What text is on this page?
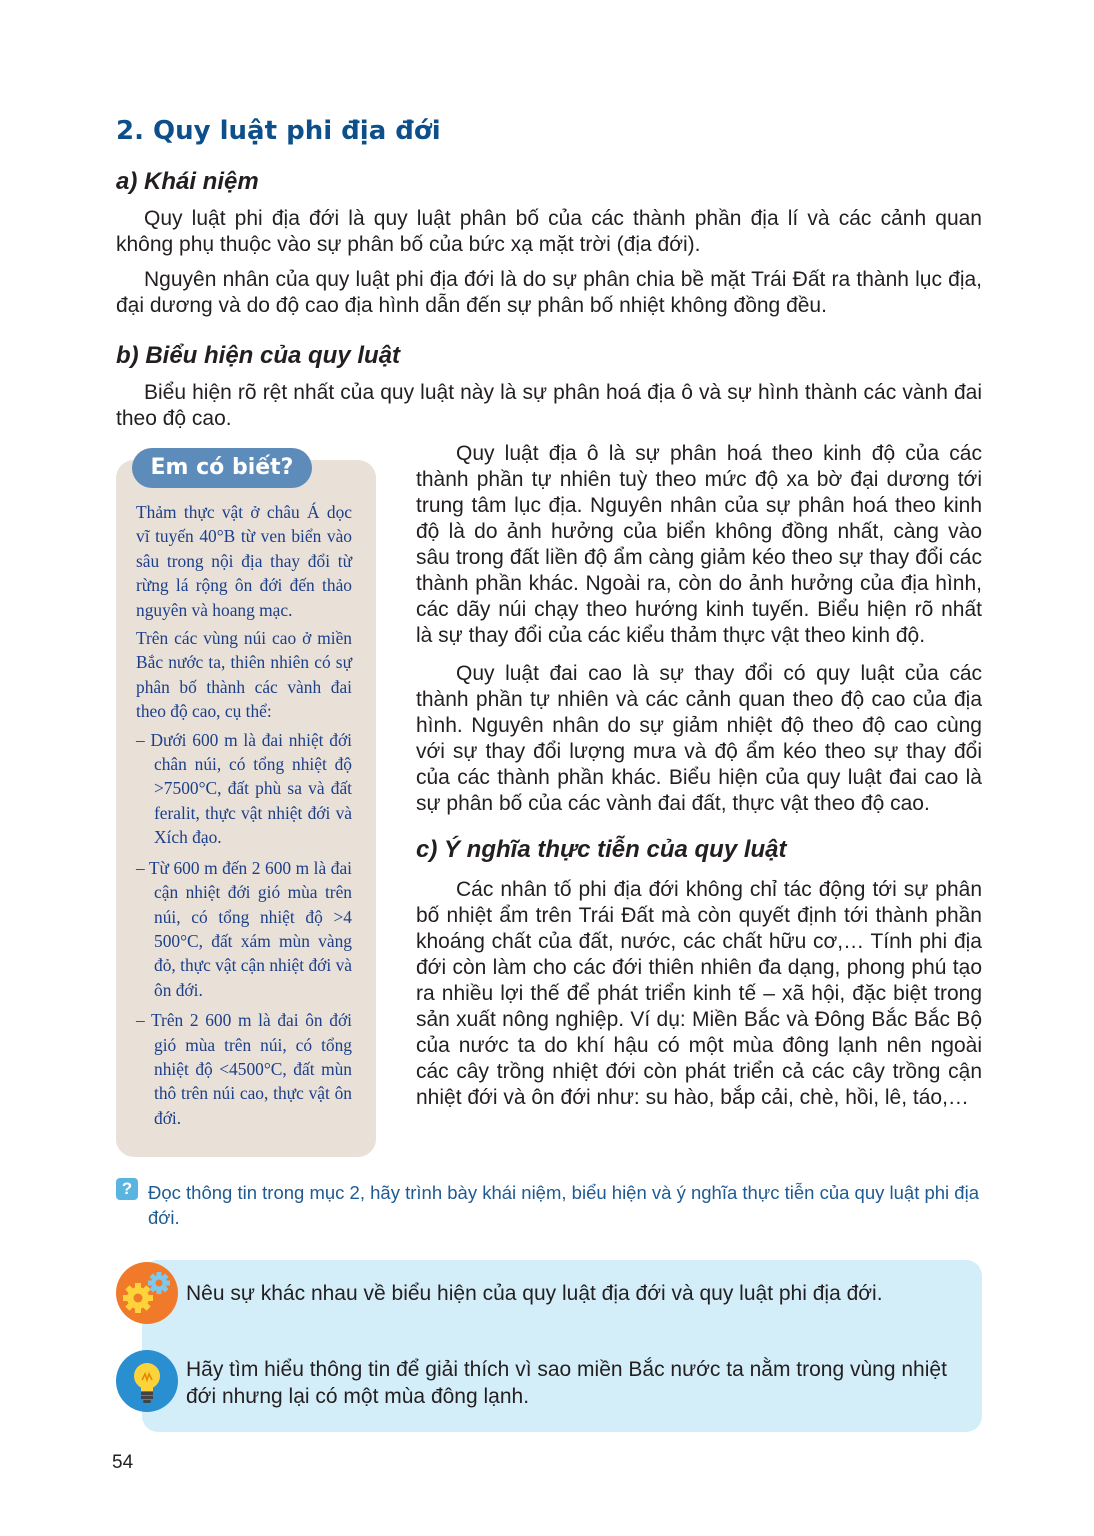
2. Quy luật phi địa đới
a) Khái niệm

Quy luật phi địa đới là quy luật phân bố của các thành phần địa lí và các cảnh quan không phụ thuộc vào sự phân bố của bức xạ mặt trời (địa đới).

Nguyên nhân của quy luật phi địa đới là do sự phân chia bề mặt Trái Đất ra thành lục địa, đại dương và do độ cao địa hình dẫn đến sự phân bố nhiệt không đồng đều.

b) Biểu hiện của quy luật

Biểu hiện rõ rệt nhất của quy luật này là sự phân hoá địa ô và sự hình thành các vành đai theo độ cao.

Em có biết?

Thảm thực vật ở châu Á dọc vĩ tuyến 40°B từ ven biển vào sâu trong nội địa thay đổi từ rừng lá rộng ôn đới đến thảo nguyên và hoang mạc.

Trên các vùng núi cao ở miền Bắc nước ta, thiên nhiên có sự phân bố thành các vành đai theo độ cao, cụ thể:

– Dưới 600 m là đai nhiệt đới chân núi, có tổng nhiệt độ >7500°C, đất phù sa và đất feralit, thực vật nhiệt đới và Xích đạo.

– Từ 600 m đến 2 600 m là đai cận nhiệt đới gió mùa trên núi, có tổng nhiệt độ >4 500°C, đất xám mùn vàng đỏ, thực vật cận nhiệt đới và ôn đới.

– Trên 2 600 m là đai ôn đới gió mùa trên núi, có tổng nhiệt độ <4500°C, đất mùn thô trên núi cao, thực vật ôn đới.

Quy luật địa ô là sự phân hoá theo kinh độ của các thành phần tự nhiên tuỳ theo mức độ xa bờ đại dương tới trung tâm lục địa. Nguyên nhân của sự phân hoá theo kinh độ là do ảnh hưởng của biển không đồng nhất, càng vào sâu trong đất liền độ ẩm càng giảm kéo theo sự thay đổi các thành phần khác. Ngoài ra, còn do ảnh hưởng của địa hình, các dãy núi chạy theo hướng kinh tuyến. Biểu hiện rõ nhất là sự thay đổi của các kiểu thảm thực vật theo kinh độ.

Quy luật đai cao là sự thay đổi có quy luật của các thành phần tự nhiên và các cảnh quan theo độ cao của địa hình. Nguyên nhân do sự giảm nhiệt độ theo độ cao cùng với sự thay đổi lượng mưa và độ ẩm kéo theo sự thay đổi của các thành phần khác. Biểu hiện của quy luật đai cao là sự phân bố của các vành đai đất, thực vật theo độ cao.

c) Ý nghĩa thực tiễn của quy luật

Các nhân tố phi địa đới không chỉ tác động tới sự phân bố nhiệt ẩm trên Trái Đất mà còn quyết định tới thành phần khoáng chất của đất, nước, các chất hữu cơ,… Tính phi địa đới còn làm cho các đới thiên nhiên đa dạng, phong phú tạo ra nhiều lợi thế để phát triển kinh tế – xã hội, đặc biệt trong sản xuất nông nghiệp. Ví dụ: Miền Bắc và Đông Bắc Bắc Bộ của nước ta do khí hậu có một mùa đông lạnh nên ngoài các cây trồng nhiệt đới còn phát triển cả các cây trồng cận nhiệt đới và ôn đới như: su hào, bắp cải, chè, hồi, lê, táo,…

? Đọc thông tin trong mục 2, hãy trình bày khái niệm, biểu hiện và ý nghĩa thực tiễn của quy luật phi địa đới.

Nêu sự khác nhau về biểu hiện của quy luật địa đới và quy luật phi địa đới.

Hãy tìm hiểu thông tin để giải thích vì sao miền Bắc nước ta nằm trong vùng nhiệt đới nhưng lại có một mùa đông lạnh.

54
